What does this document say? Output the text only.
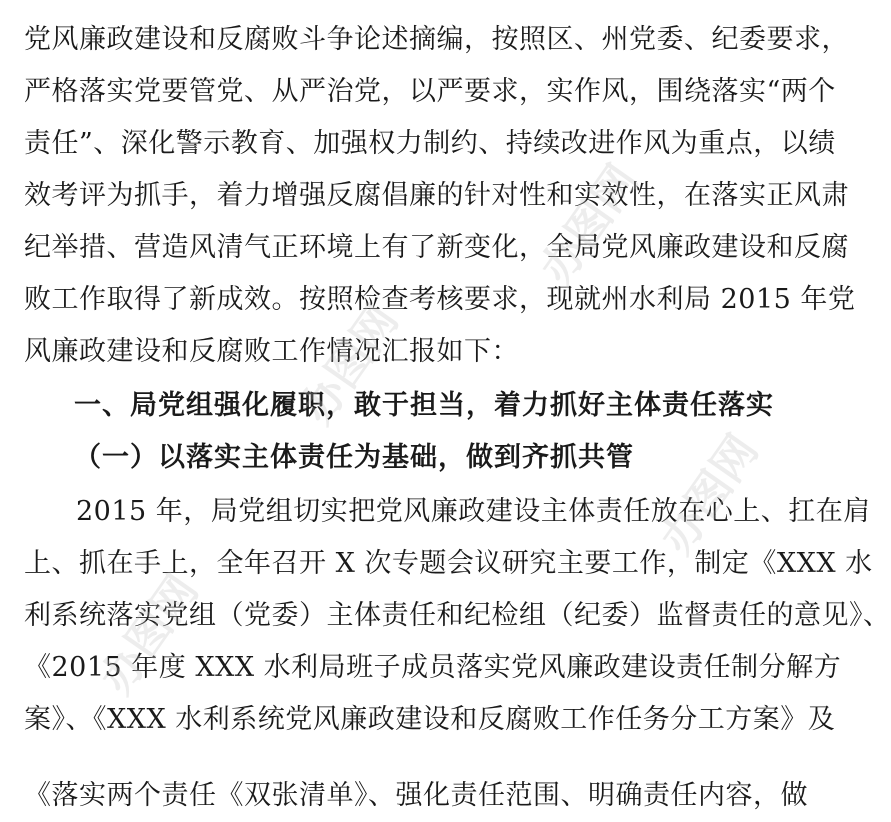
党风廉政建设和反腐败斗争论述摘编，按照区、州党委、纪委要求，
严格落实党要管党、从严治党，以严要求，实作风，围绕落实“两个
责任”、深化警示教育、加强权力制约、持续改进作风为重点，以绩
效考评为抓手，着力增强反腐倡廉的针对性和实效性，在落实正风肃
纪举措、营造风清气正环境上有了新变化，全局党风廉政建设和反腐
败工作取得了新成效。按照检查考核要求，现就州水利局 2015 年党
风廉政建设和反腐败工作情况汇报如下：
一、局党组强化履职，敢于担当，着力抓好主体责任落实
（一）以落实主体责任为基础，做到齐抓共管
2015 年，局党组切实把党风廉政建设主体责任放在心上、扛在肩
上、抓在手上，全年召开 X 次专题会议研究主要工作，制定《XXX 水
利系统落实党组（党委）主体责任和纪检组（纪委）监督责任的意见》、
《2015 年度 XXX 水利局班子成员落实党风廉政建设责任制分解方
案》、《XXX 水利系统党风廉政建设和反腐败工作任务分工方案》及
《落实两个责任《双张清单》、强化责任范围、明确责任内容，做
办图网
办图网
办图网
办图网
